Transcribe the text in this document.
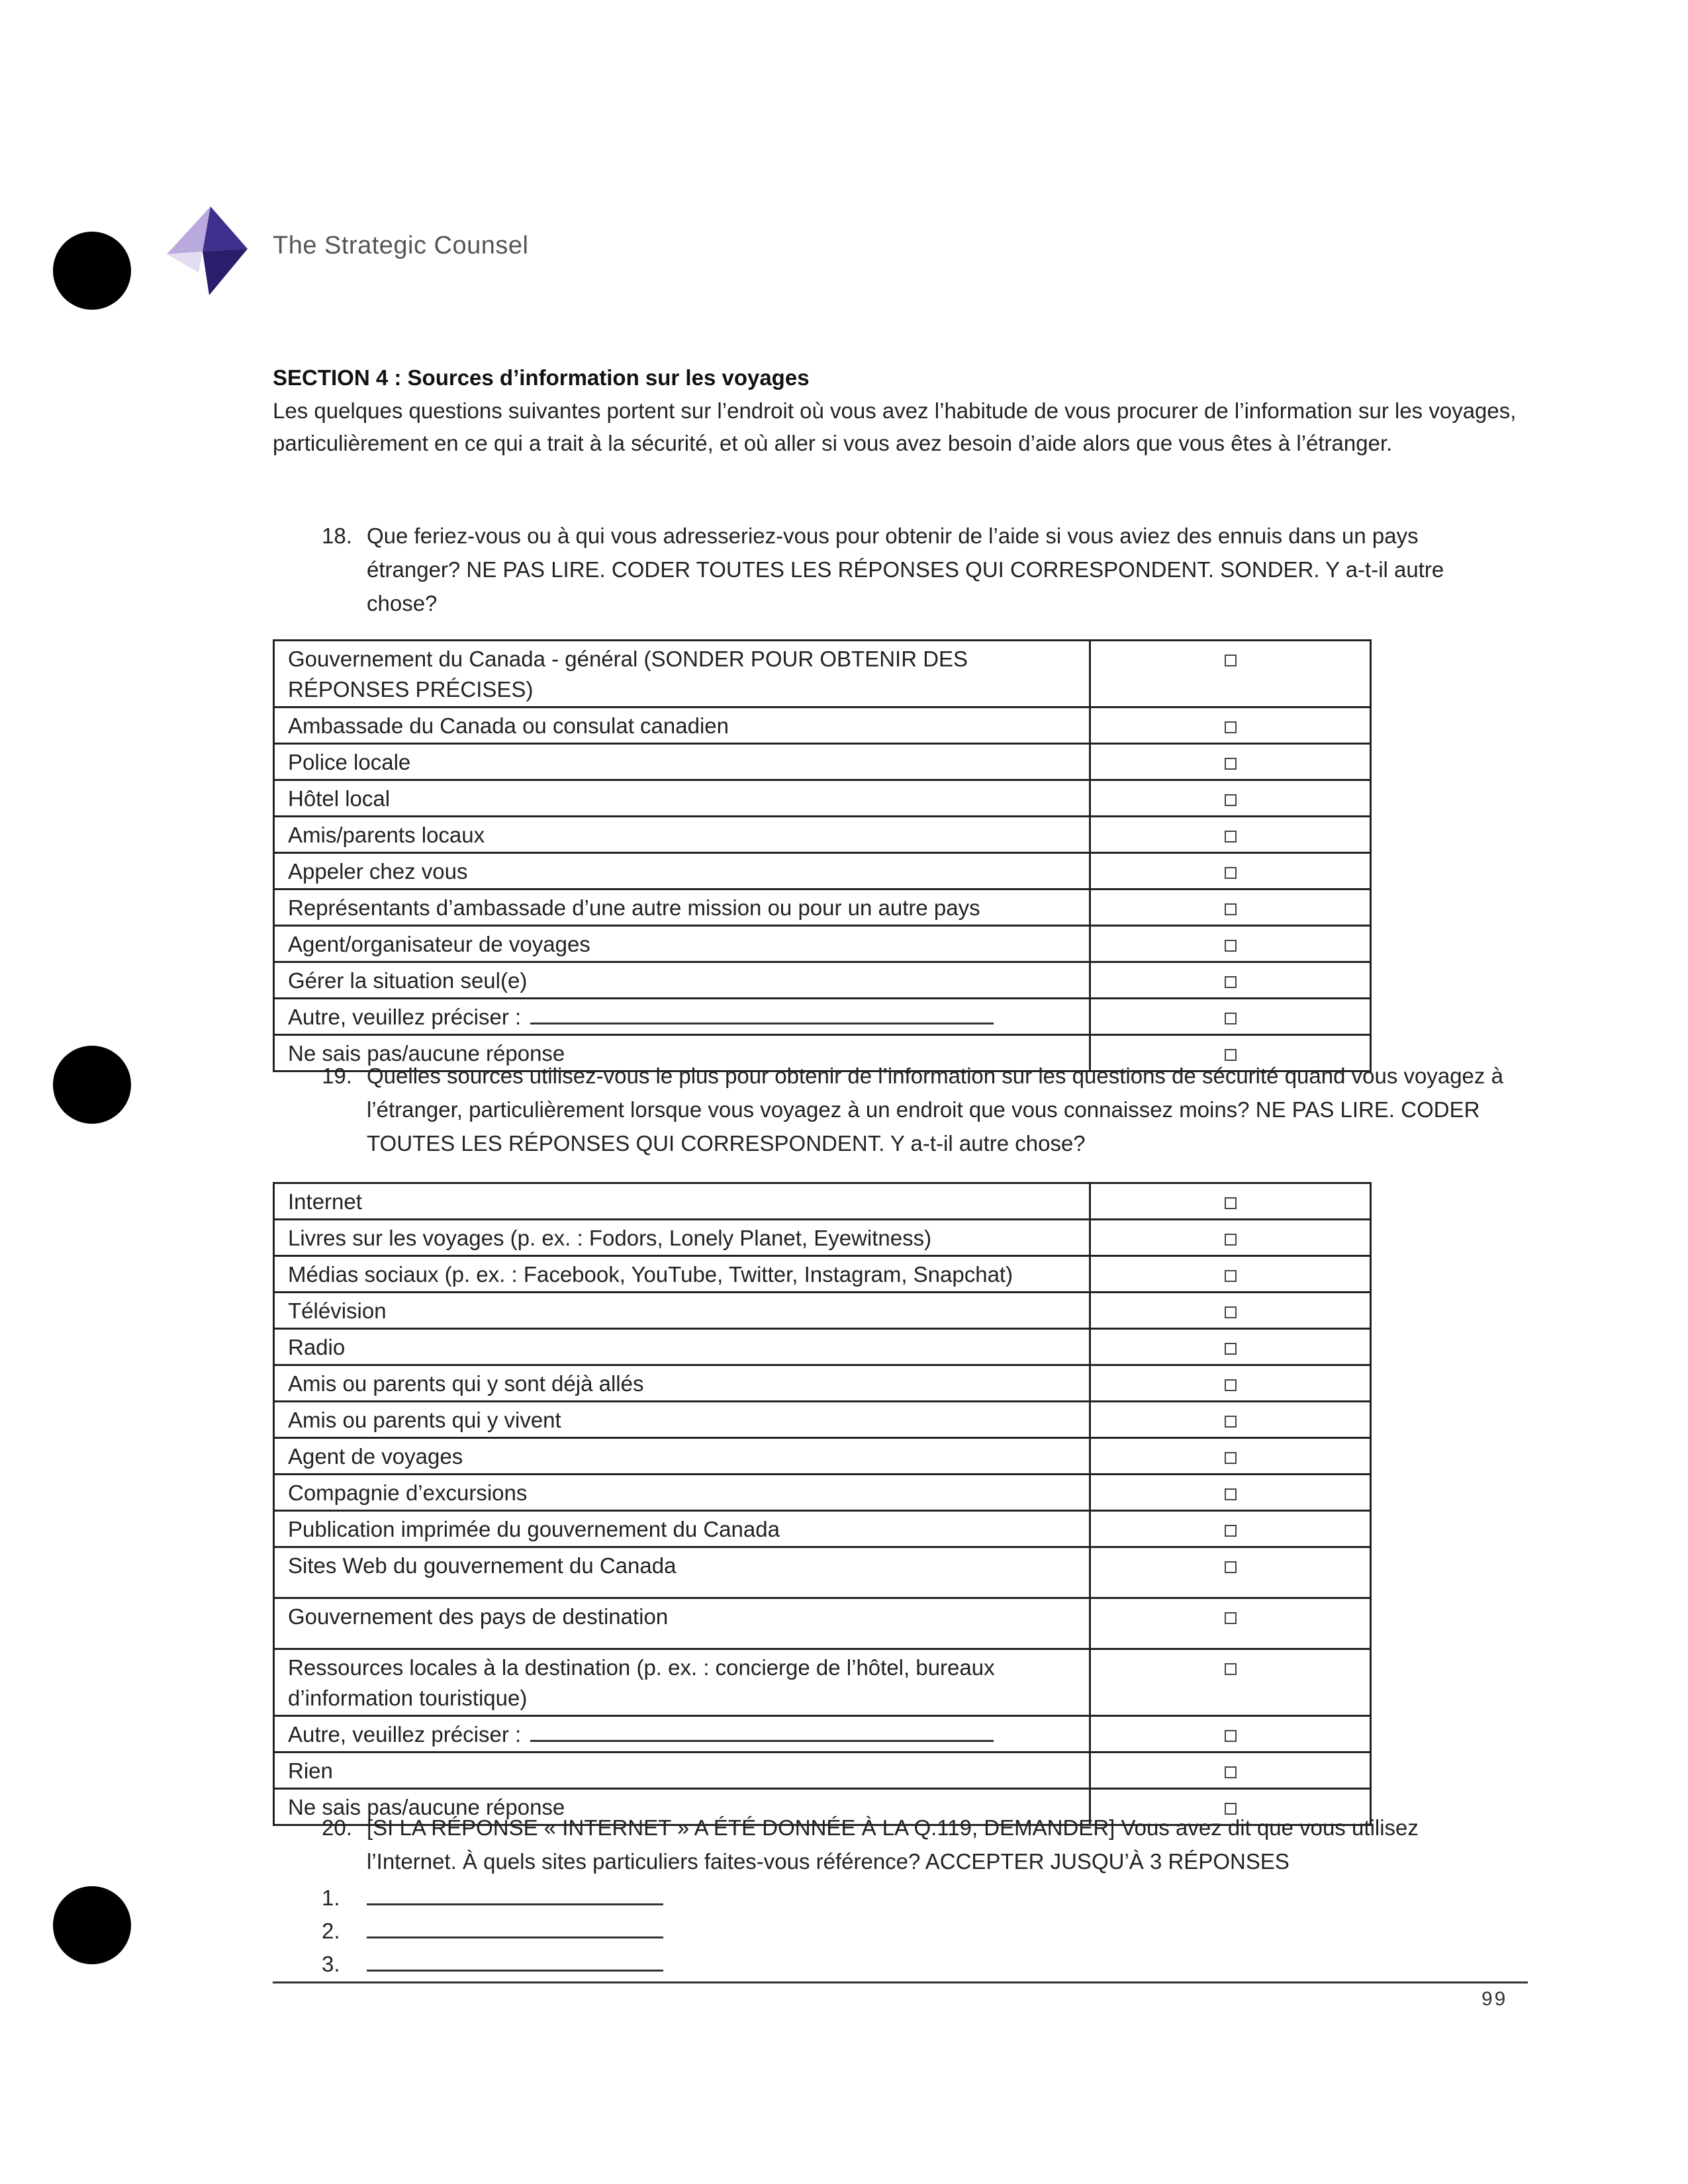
The Strategic Counsel
SECTION 4 : Sources d’information sur les voyages

Les quelques questions suivantes portent sur l’endroit où vous avez l’habitude de vous procurer de l’information sur les voyages, particulièrement en ce qui a trait à la sécurité, et où aller si vous avez besoin d’aide alors que vous êtes à l’étranger.

18. Que feriez-vous ou à qui vous adresseriez-vous pour obtenir de l’aide si vous aviez des ennuis dans un pays étranger? NE PAS LIRE. CODER TOUTES LES RÉPONSES QUI CORRESPONDENT. SONDER. Y a-t-il autre chose?
Gouvernement du Canada - général (SONDER POUR OBTENIR DES RÉPONSES PRÉCISES)	
Ambassade du Canada ou consulat canadien	
Police locale	
Hôtel local	
Amis/parents locaux	
Appeler chez vous	
Représentants d’ambassade d’une autre mission ou pour un autre pays	
Agent/organisateur de voyages	
Gérer la situation seul(e)	
Autre, veuillez préciser :	
Ne sais pas/aucune réponse	
19. Quelles sources utilisez-vous le plus pour obtenir de l’information sur les questions de sécurité quand vous voyagez à l’étranger, particulièrement lorsque vous voyagez à un endroit que vous connaissez moins? NE PAS LIRE. CODER TOUTES LES RÉPONSES QUI CORRESPONDENT. Y a-t-il autre chose?
Internet	
Livres sur les voyages (p. ex. : Fodors, Lonely Planet, Eyewitness)	
Médias sociaux (p. ex. : Facebook, YouTube, Twitter, Instagram, Snapchat)	
Télévision	
Radio	
Amis ou parents qui y sont déjà allés	
Amis ou parents qui y vivent	
Agent de voyages	
Compagnie d’excursions	
Publication imprimée du gouvernement du Canada	
Sites Web du gouvernement du Canada	
Gouvernement des pays de destination	
Ressources locales à la destination (p. ex. : concierge de l’hôtel, bureaux d’information touristique)	
Autre, veuillez préciser :	
Rien	
Ne sais pas/aucune réponse	
20. [SI LA RÉPONSE « INTERNET » A ÉTÉ DONNÉE À LA Q.119, DEMANDER] Vous avez dit que vous utilisez l’Internet. À quels sites particuliers faites-vous référence? ACCEPTER JUSQU’À 3 RÉPONSES
1.
2.
3.
99
